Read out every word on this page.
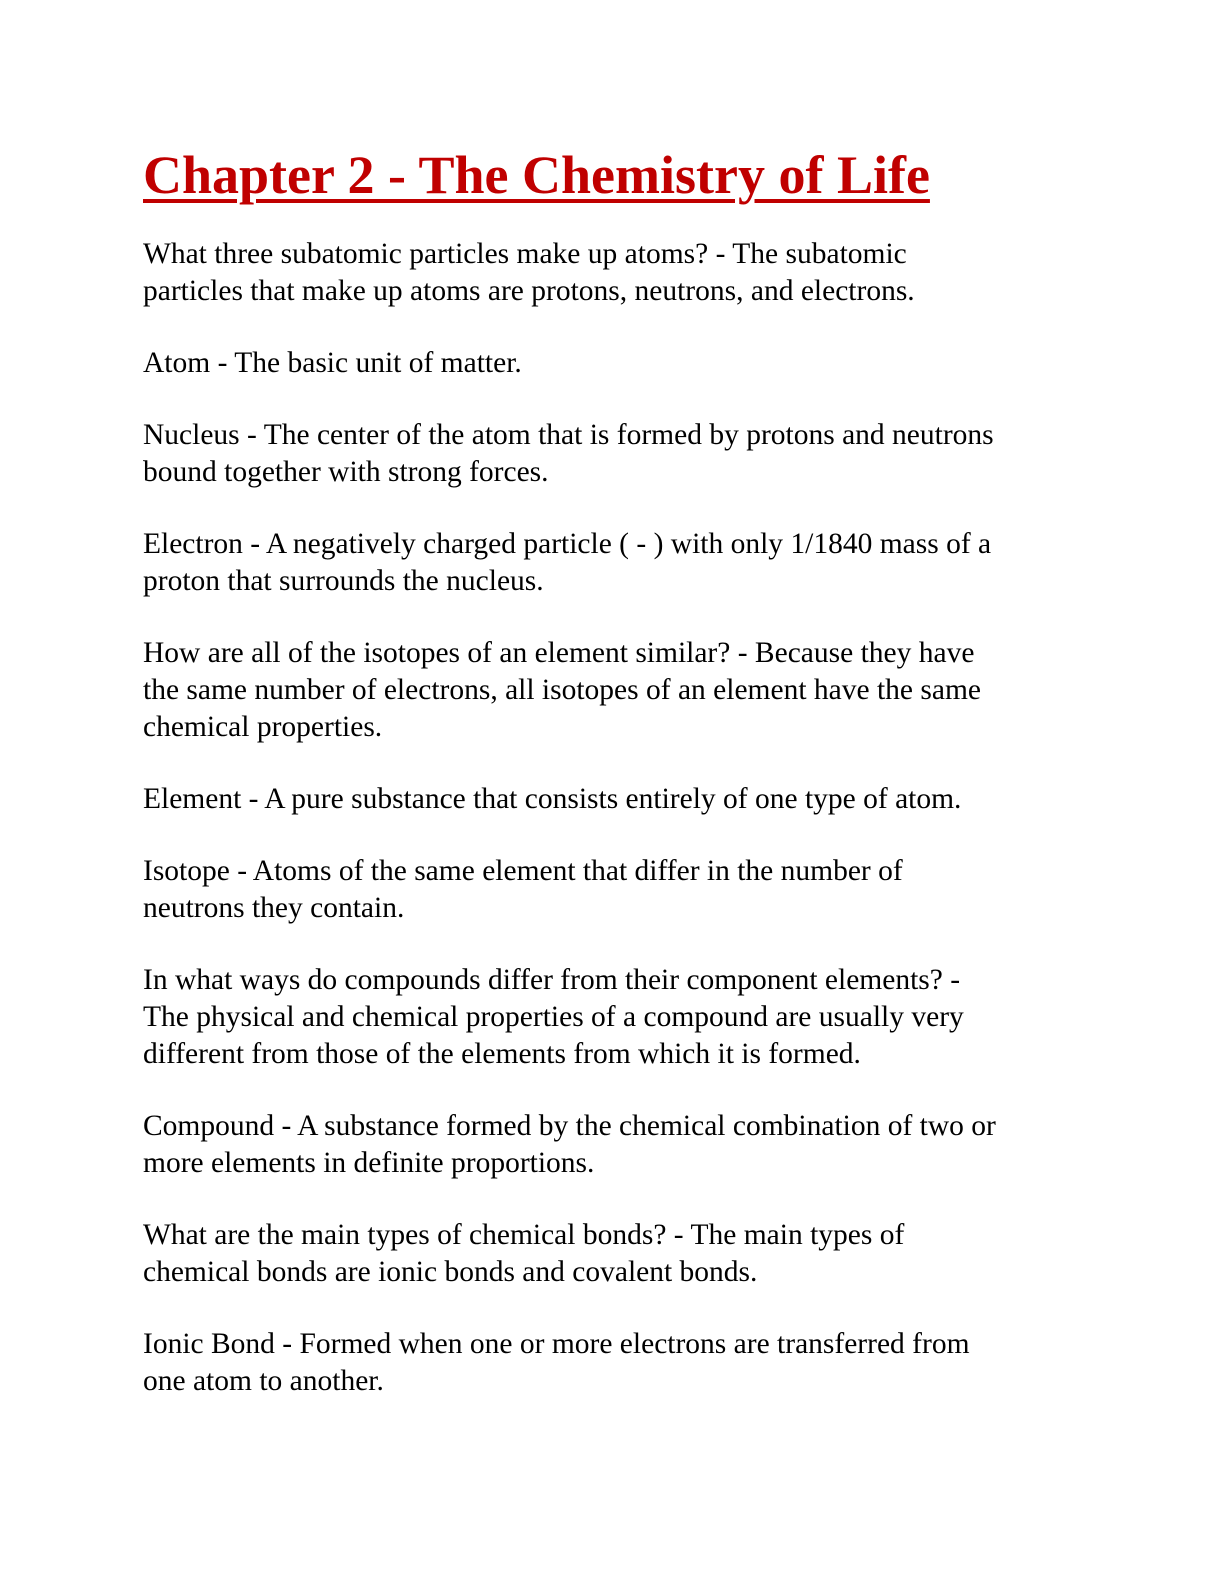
Chapter 2 - The Chemistry of Life

What three subatomic particles make up atoms? - The subatomic
particles that make up atoms are protons, neutrons, and electrons.

Atom - The basic unit of matter.

Nucleus - The center of the atom that is formed by protons and neutrons
bound together with strong forces.

Electron - A negatively charged particle ( - ) with only 1/1840 mass of a
proton that surrounds the nucleus.

How are all of the isotopes of an element similar? - Because they have
the same number of electrons, all isotopes of an element have the same
chemical properties.

Element - A pure substance that consists entirely of one type of atom.

Isotope - Atoms of the same element that differ in the number of
neutrons they contain.

In what ways do compounds differ from their component elements? -
The physical and chemical properties of a compound are usually very
different from those of the elements from which it is formed.

Compound - A substance formed by the chemical combination of two or
more elements in definite proportions.

What are the main types of chemical bonds? - The main types of
chemical bonds are ionic bonds and covalent bonds.

Ionic Bond - Formed when one or more electrons are transferred from
one atom to another.
